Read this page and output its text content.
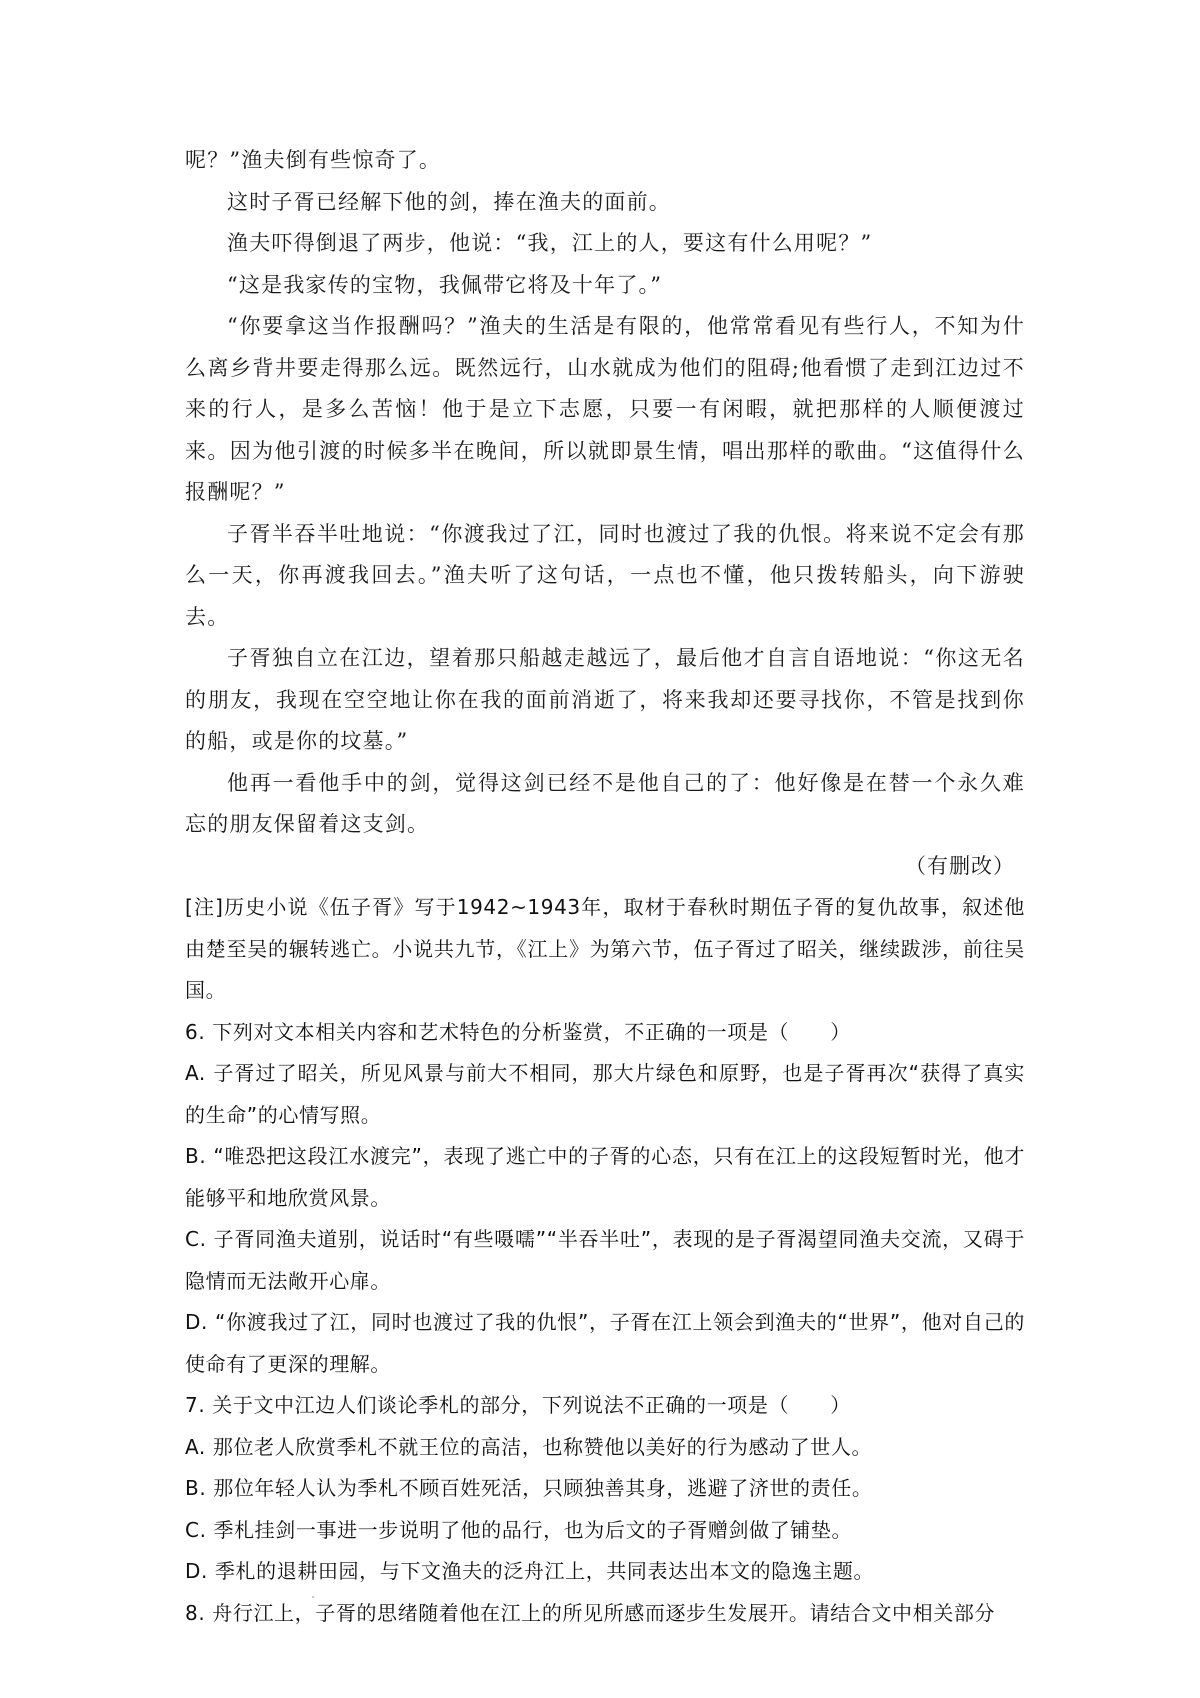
呢？”渔夫倒有些惊奇了。

这时子胥已经解下他的剑，捧在渔夫的面前。

渔夫吓得倒退了两步，他说：“我，江上的人，要这有什么用呢？”

“这是我家传的宝物，我佩带它将及十年了。”

“你要拿这当作报酬吗？”渔夫的生活是有限的，他常常看见有些行人，不知为什么离乡背井要走得那么远。既然远行，山水就成为他们的阻碍;他看惯了走到江边过不来的行人，是多么苦恼！他于是立下志愿，只要一有闲暇，就把那样的人顺便渡过来。因为他引渡的时候多半在晚间，所以就即景生情，唱出那样的歌曲。“这值得什么报酬呢？”

子胥半吞半吐地说：“你渡我过了江，同时也渡过了我的仇恨。将来说不定会有那么一天，你再渡我回去。”渔夫听了这句话，一点也不懂，他只拨转船头，向下游驶去。

子胥独自立在江边，望着那只船越走越远了，最后他才自言自语地说：“你这无名的朋友，我现在空空地让你在我的面前消逝了，将来我却还要寻找你，不管是找到你的船，或是你的坟墓。”

他再一看他手中的剑，觉得这剑已经不是他自己的了：他好像是在替一个永久难忘的朋友保留着这支剑。

（有删改）

[注]历史小说《伍子胥》写于1942~1943年，取材于春秋时期伍子胥的复仇故事，叙述他由楚至吴的辗转逃亡。小说共九节，《江上》为第六节，伍子胥过了昭关，继续跋涉，前往吴国。

6. 下列对文本相关内容和艺术特色的分析鉴赏，不正确的一项是（　　）

A. 子胥过了昭关，所见风景与前大不相同，那大片绿色和原野，也是子胥再次“获得了真实的生命”的心情写照。

B. “唯恐把这段江水渡完”，表现了逃亡中的子胥的心态，只有在江上的这段短暂时光，他才能够平和地欣赏风景。

C. 子胥同渔夫道别，说话时“有些嗫嚅”“半吞半吐”，表现的是子胥渴望同渔夫交流，又碍于隐情而无法敞开心扉。

D. “你渡我过了江，同时也渡过了我的仇恨”，子胥在江上领会到渔夫的“世界”，他对自己的使命有了更深的理解。

7. 关于文中江边人们谈论季札的部分，下列说法不正确的一项是（　　）

A. 那位老人欣赏季札不就王位的高洁，也称赞他以美好的行为感动了世人。

B. 那位年轻人认为季札不顾百姓死活，只顾独善其身，逃避了济世的责任。

C. 季札挂剑一事进一步说明了他的品行，也为后文的子胥赠剑做了铺垫。

D. 季札的退耕田园，与下文渔夫的泛舟江上，共同表达出本文的隐逸主题。

8. 舟行江上，子胥的思绪随着他在江上的所见所感而逐步生发展开。请结合文中相关部分
